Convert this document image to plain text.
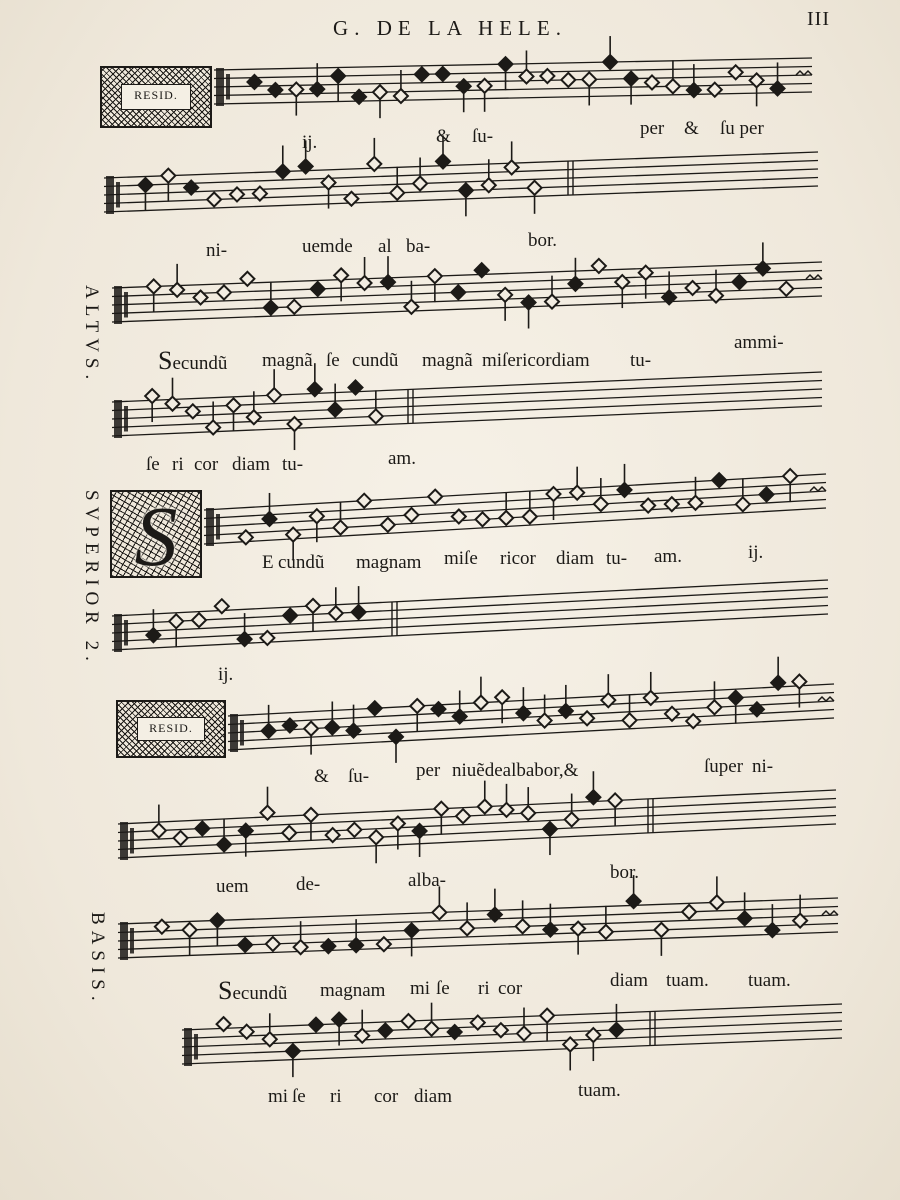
G. DE LA HELE.	III
RESID.
RESID.
S
ALTVS.
SVPERIOR 2.
BASIS.
ij.	& ſu-	per & ſu per
ni-	uemde al ba-	bor.
Secundũ magnã ſe cundũ magnã miſericordiam tu-
ammi-
ſe ri cor diam tu-	am.
E cundũ magnam miſe ricor diam tu- am.	ij.
ij.
& ſu- per niuẽdealbabor,&	ſuper ni-
uem de-	alba-	bor.
Secundũ magnam mi ſe ri cor	diam tuam. tuam.
mi ſe ri cor diam	tuam.
